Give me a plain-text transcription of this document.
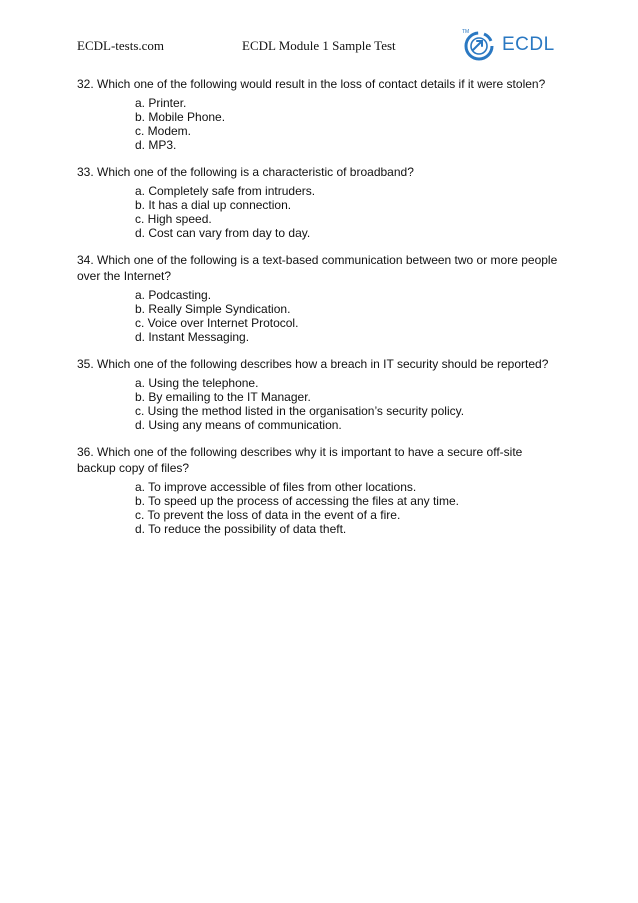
ECDL-tests.com	ECDL Module 1 Sample Test
TM
ECDL
32. Which one of the following would result in the loss of contact details if it were stolen?
a. Printer.
b. Mobile Phone.
c. Modem.
d. MP3.
33. Which one of the following is a characteristic of broadband?
a. Completely safe from intruders.
b. It has a dial up connection.
c. High speed.
d. Cost can vary from day to day.
34. Which one of the following is a text-based communication between two or more people over the Internet?
a. Podcasting.
b. Really Simple Syndication.
c. Voice over Internet Protocol.
d. Instant Messaging.
35. Which one of the following describes how a breach in IT security should be reported?
a. Using the telephone.
b. By emailing to the IT Manager.
c. Using the method listed in the organisation’s security policy.
d. Using any means of communication.
36. Which one of the following describes why it is important to have a secure off-site backup copy of files?
a. To improve accessible of files from other locations.
b. To speed up the process of accessing the files at any time.
c. To prevent the loss of data in the event of a fire.
d. To reduce the possibility of data theft.
